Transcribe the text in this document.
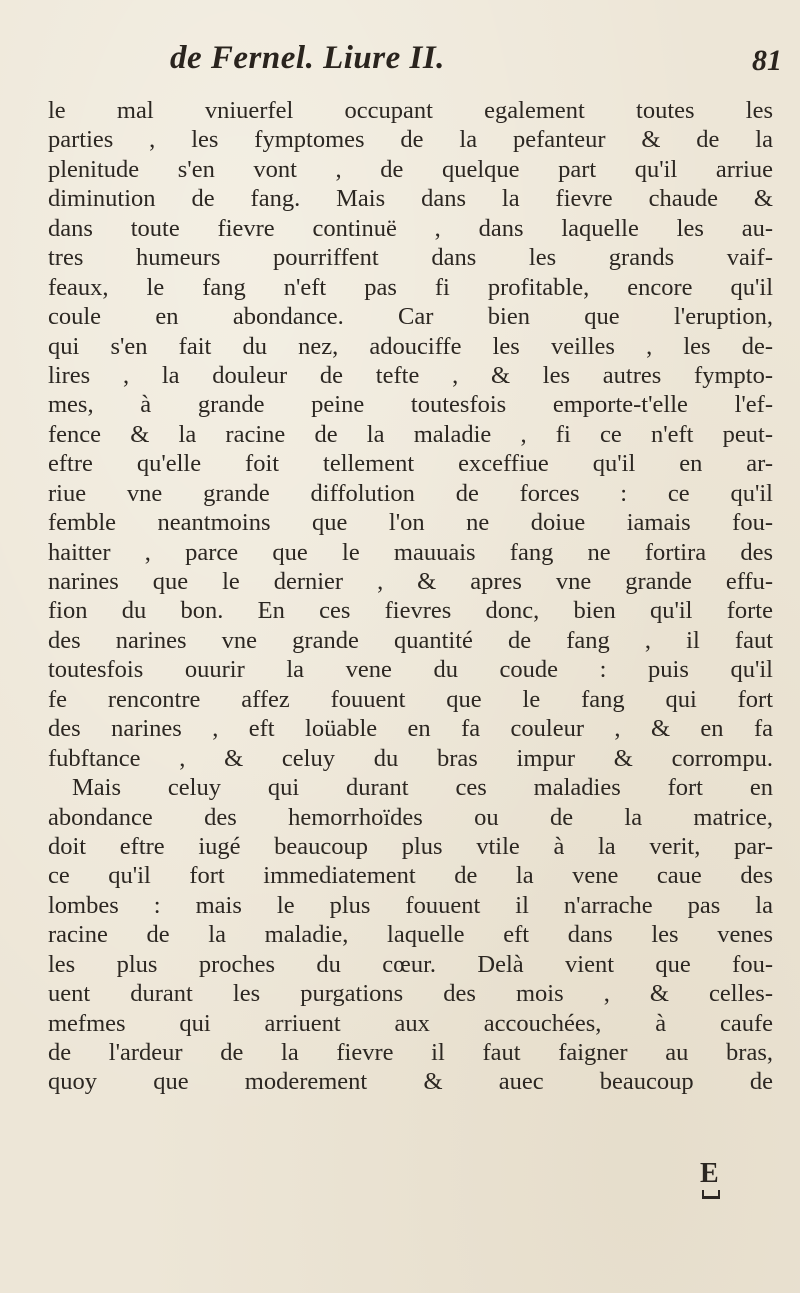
de Fernel. Liure II.	81
le mal vniuerfel occupant egalement toutes les
parties , les fymptomes de la pefanteur & de la
plenitude s'en vont , de quelque part qu'il arriue
diminution de fang. Mais dans la fievre chaude &
dans toute fievre continuë , dans laquelle les au-
tres humeurs pourriffent dans les grands vaif-
feaux, le fang n'eft pas fi profitable, encore qu'il
coule en abondance. Car bien que l'eruption,
qui s'en fait du nez, adouciffe les veilles , les de-
lires , la douleur de tefte , & les autres fympto-
mes, à grande peine toutesfois emporte-t'elle l'ef-
fence & la racine de la maladie , fi ce n'eft peut-
eftre qu'elle foit tellement exceffiue qu'il en ar-
riue vne grande diffolution de forces : ce qu'il
femble neantmoins que l'on ne doiue iamais fou-
haitter , parce que le mauuais fang ne fortira des
narines que le dernier , & apres vne grande effu-
fion du bon. En ces fievres donc, bien qu'il forte
des narines vne grande quantité de fang , il faut
toutesfois ouurir la vene du coude : puis qu'il
fe rencontre affez fouuent que le fang qui fort
des narines , eft loüable en fa couleur , & en fa
fubftance , & celuy du bras impur & corrompu.
Mais celuy qui durant ces maladies fort en
abondance des hemorrhoïdes ou de la matrice,
doit eftre iugé beaucoup plus vtile à la verit, par-
ce qu'il fort immediatement de la vene caue des
lombes : mais le plus fouuent il n'arrache pas la
racine de la maladie, laquelle eft dans les venes
les plus proches du cœur. Delà vient que fou-
uent durant les purgations des mois , & celles-
mefmes qui arriuent aux accouchées, à caufe
de l'ardeur de la fievre il faut faigner au bras,
quoy que moderement & auec beaucoup de
E
